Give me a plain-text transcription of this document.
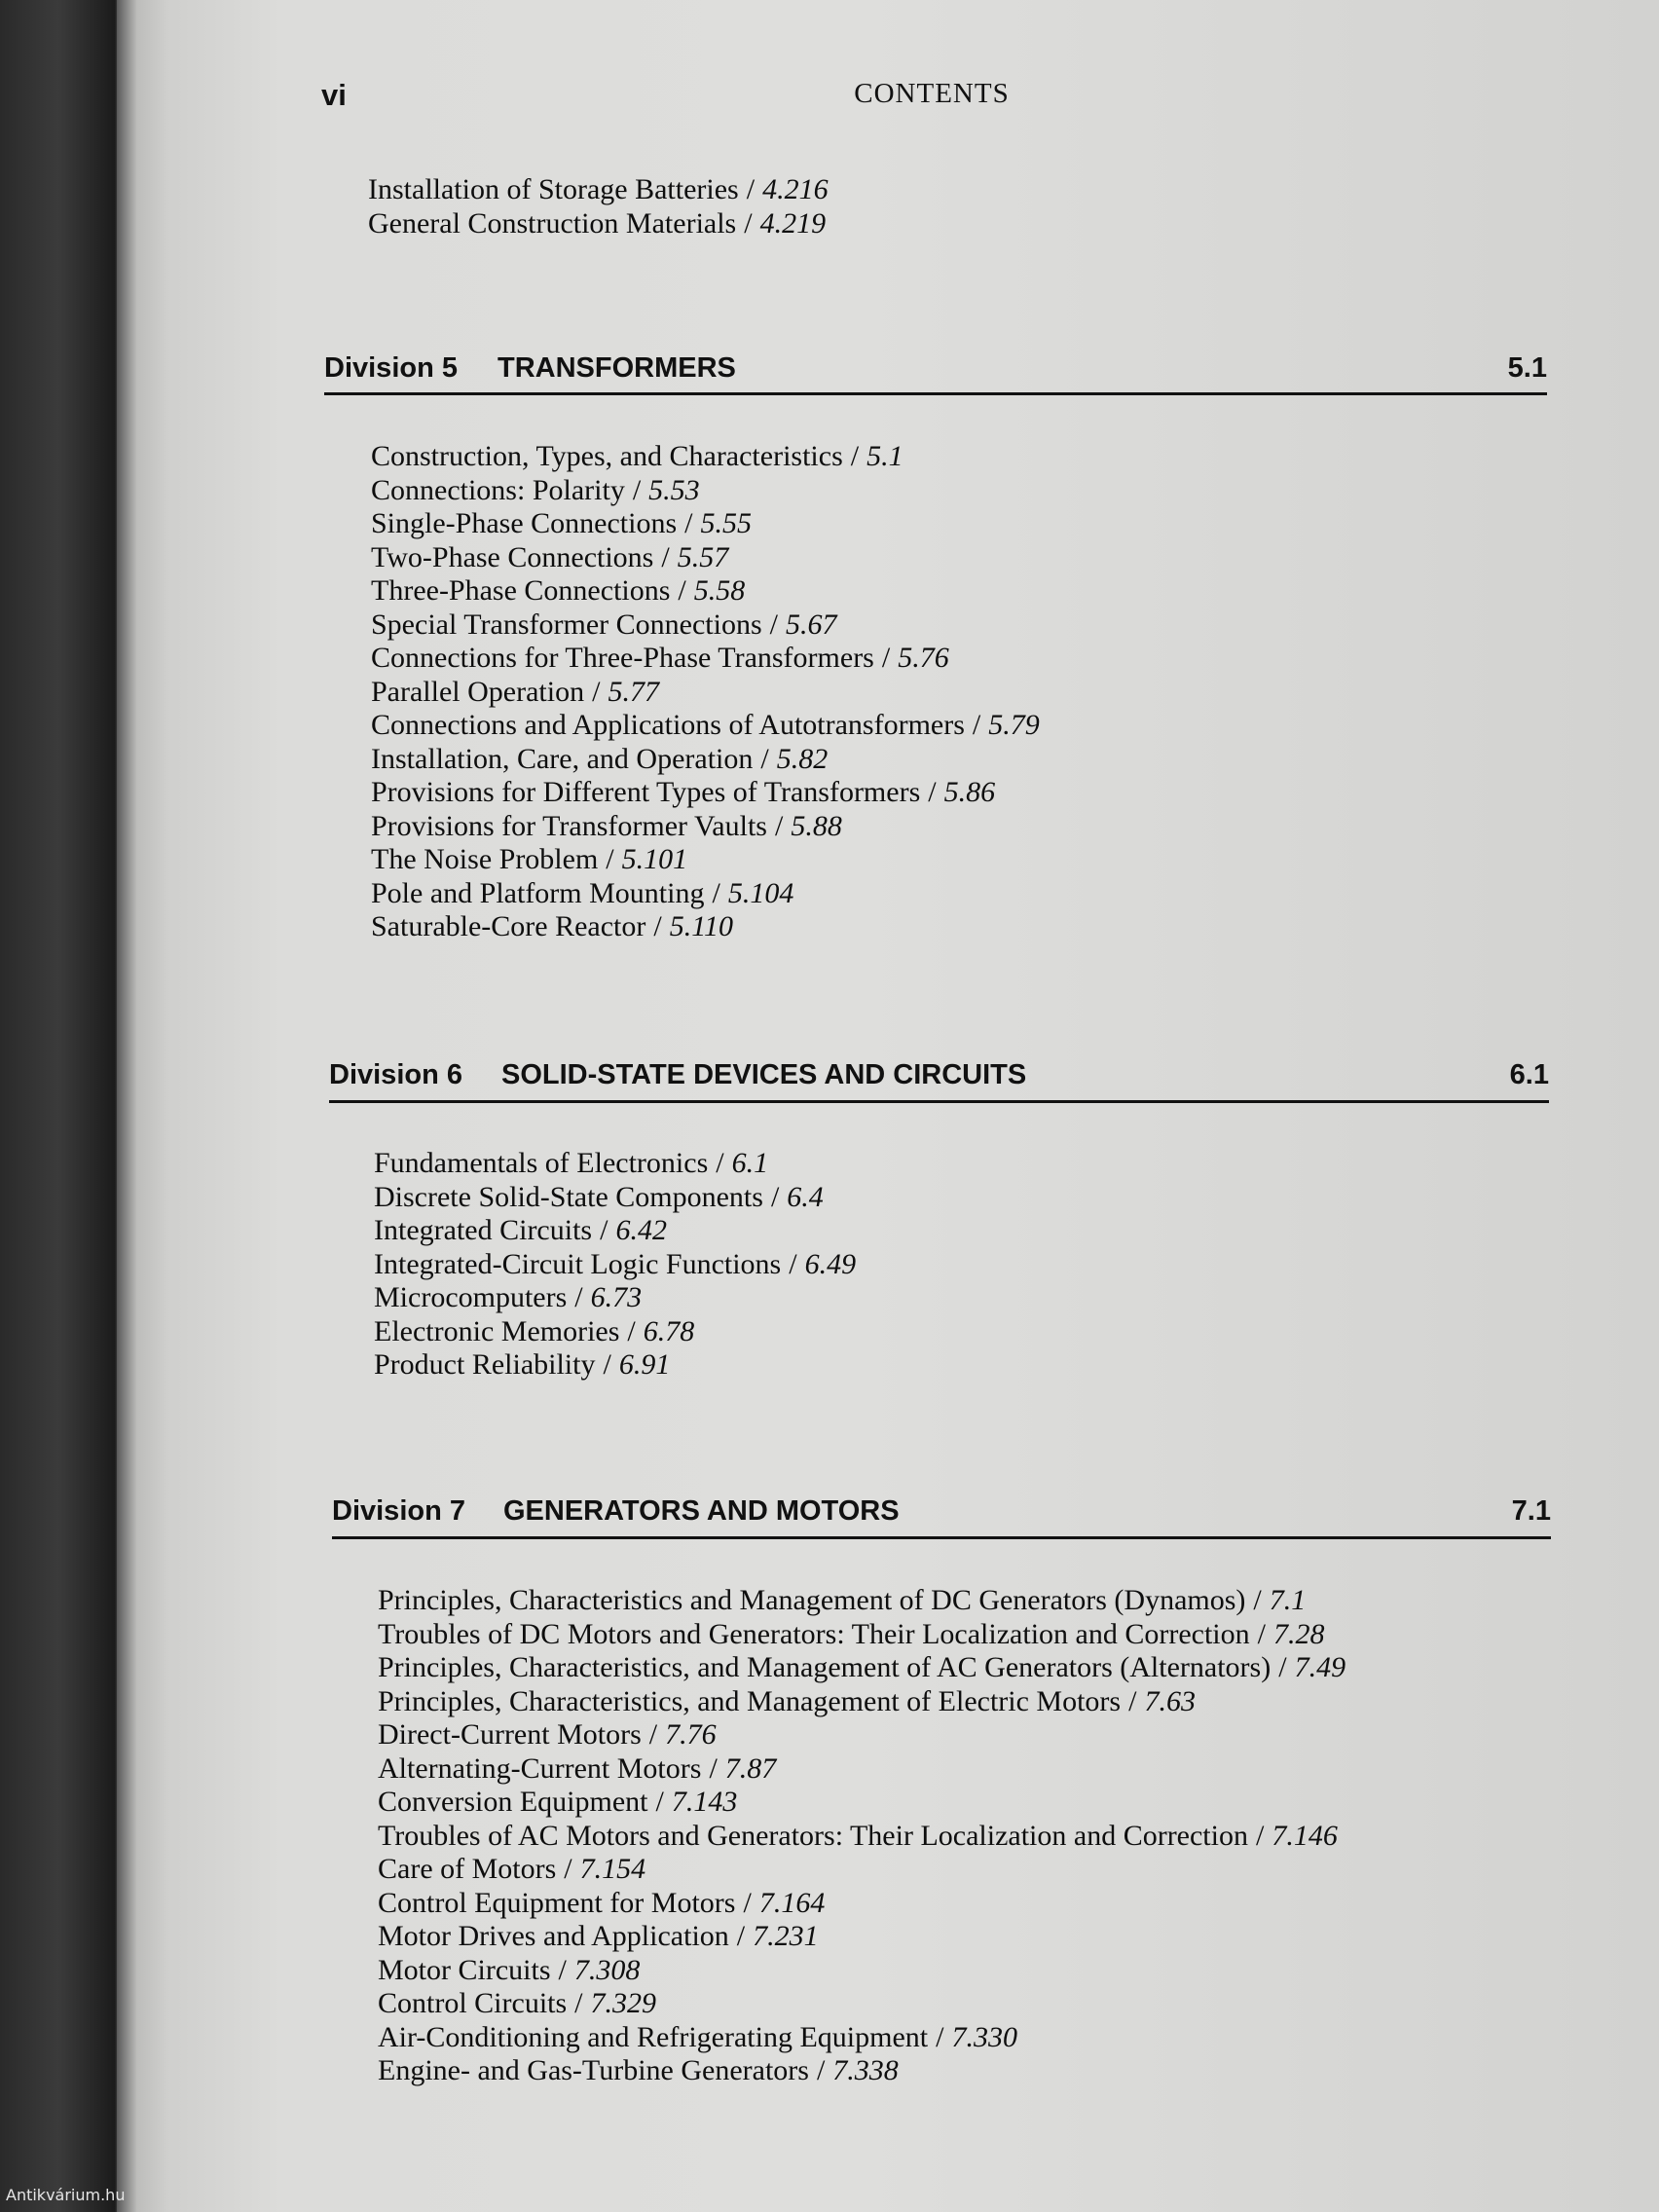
vi	CONTENTS
Installation of Storage Batteries / 4.216
General Construction Materials / 4.219
Division 5 TRANSFORMERS	5.1
Construction, Types, and Characteristics / 5.1
Connections: Polarity / 5.53
Single-Phase Connections / 5.55
Two-Phase Connections / 5.57
Three-Phase Connections / 5.58
Special Transformer Connections / 5.67
Connections for Three-Phase Transformers / 5.76
Parallel Operation / 5.77
Connections and Applications of Autotransformers / 5.79
Installation, Care, and Operation / 5.82
Provisions for Different Types of Transformers / 5.86
Provisions for Transformer Vaults / 5.88
The Noise Problem / 5.101
Pole and Platform Mounting / 5.104
Saturable-Core Reactor / 5.110
Division 6 SOLID-STATE DEVICES AND CIRCUITS	6.1
Fundamentals of Electronics / 6.1
Discrete Solid-State Components / 6.4
Integrated Circuits / 6.42
Integrated-Circuit Logic Functions / 6.49
Microcomputers / 6.73
Electronic Memories / 6.78
Product Reliability / 6.91
Division 7 GENERATORS AND MOTORS	7.1
Principles, Characteristics and Management of DC Generators (Dynamos) / 7.1
Troubles of DC Motors and Generators: Their Localization and Correction / 7.28
Principles, Characteristics, and Management of AC Generators (Alternators) / 7.49
Principles, Characteristics, and Management of Electric Motors / 7.63
Direct-Current Motors / 7.76
Alternating-Current Motors / 7.87
Conversion Equipment / 7.143
Troubles of AC Motors and Generators: Their Localization and Correction / 7.146
Care of Motors / 7.154
Control Equipment for Motors / 7.164
Motor Drives and Application / 7.231
Motor Circuits / 7.308
Control Circuits / 7.329
Air-Conditioning and Refrigerating Equipment / 7.330
Engine- and Gas-Turbine Generators / 7.338
Antikvárium.hu
